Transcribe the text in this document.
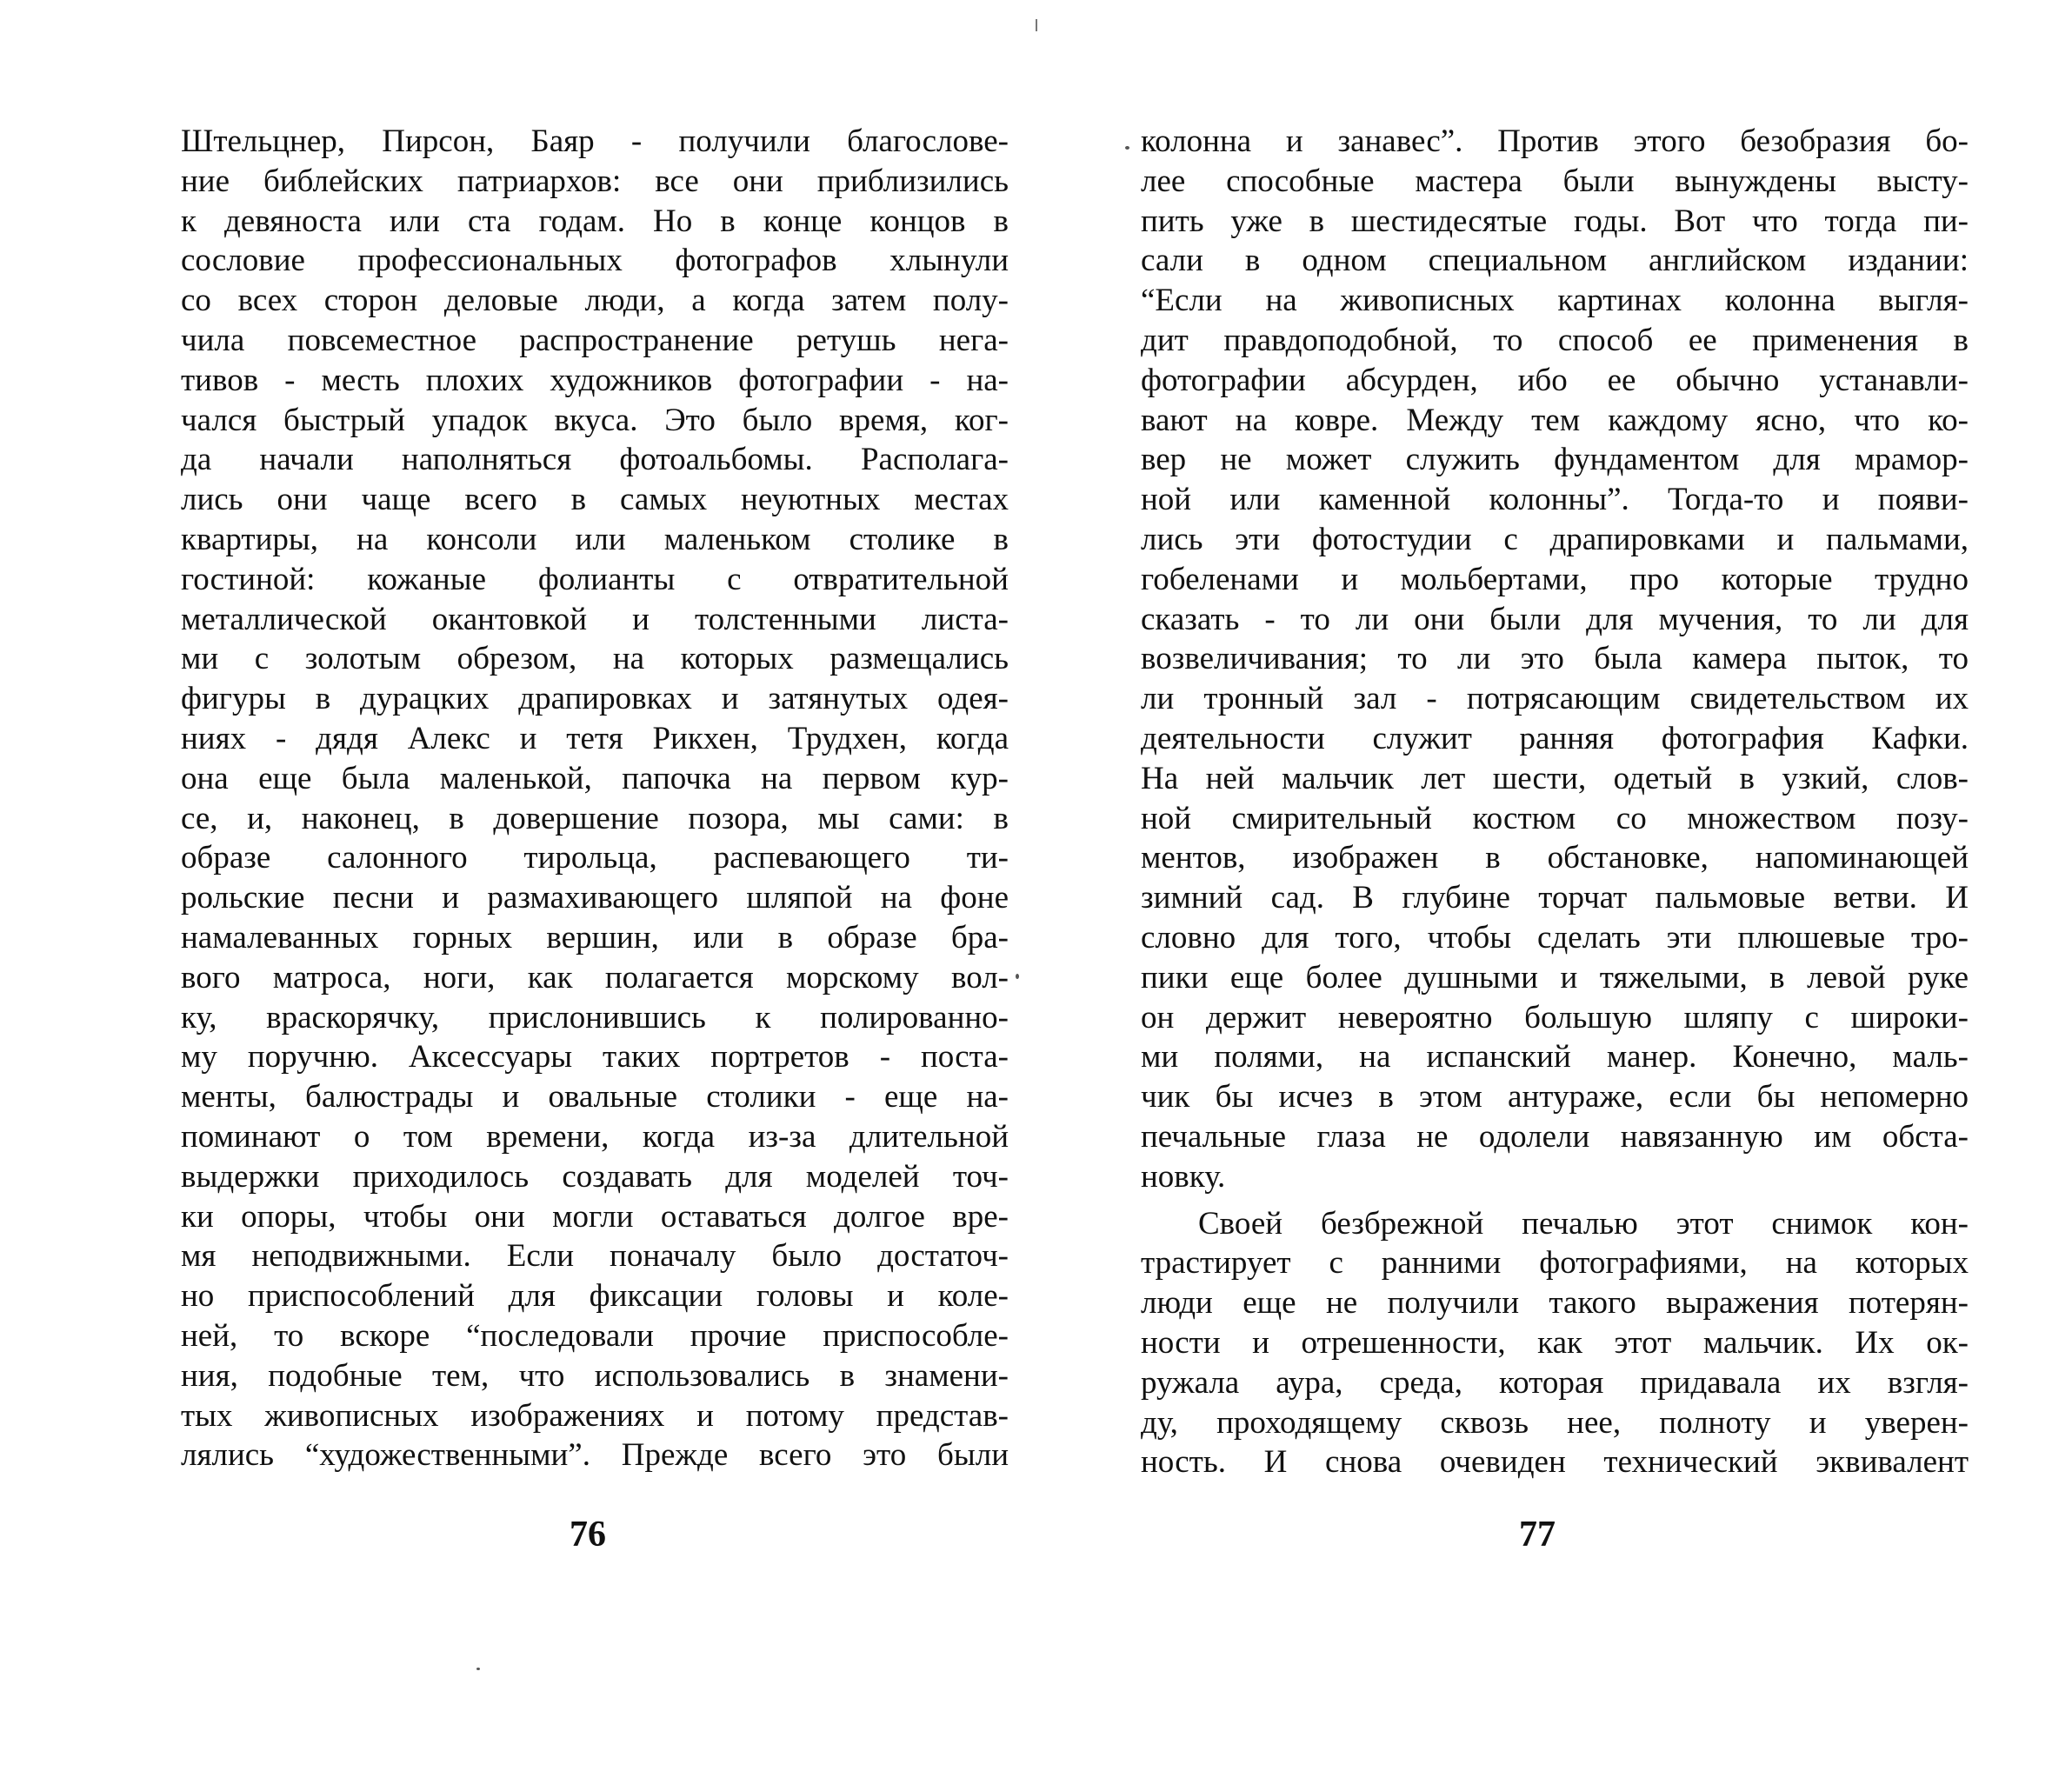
Штельцнер, Пирсон, Баяр - получили благослове-
ние библейских патриархов: все они приблизились
к девяноста или ста годам. Но в конце концов в
сословие профессиональных фотографов хлынули
со всех сторон деловые люди, а когда затем полу-
чила повсеместное распространение ретушь нега-
тивов - месть плохих художников фотографии - на-
чался быстрый упадок вкуса. Это было время, ког-
да начали наполняться фотоальбомы. Располага-
лись они чаще всего в самых неуютных местах
квартиры, на консоли или маленьком столике в
гостиной: кожаные фолианты с отвратительной
металлической окантовкой и толстенными листа-
ми с золотым обрезом, на которых размещались
фигуры в дурацких драпировках и затянутых одея-
ниях - дядя Алекс и тетя Рикхен, Трудхен, когда
она еще была маленькой, папочка на первом кур-
се, и, наконец, в довершение позора, мы сами: в
образе салонного тирольца, распевающего ти-
рольские песни и размахивающего шляпой на фоне
намалеванных горных вершин, или в образе бра-
вого матроса, ноги, как полагается морскому вол-
ку, враскорячку, прислонившись к полированно-
му поручню. Аксессуары таких портретов - поста-
менты, балюстрады и овальные столики - еще на-
поминают о том времени, когда из-за длительной
выдержки приходилось создавать для моделей точ-
ки опоры, чтобы они могли оставаться долгое вре-
мя неподвижными. Если поначалу было достаточ-
но приспособлений для фиксации головы и коле-
ней, то вскоре “последовали прочие приспособле-
ния, подобные тем, что использовались в знамени-
тых живописных изображениях и потому представ-
лялись “художественными”. Прежде всего это были
76
колонна и занавес”. Против этого безобразия бо-
лее способные мастера были вынуждены высту-
пить уже в шестидесятые годы. Вот что тогда пи-
сали в одном специальном английском издании:
“Если на живописных картинах колонна выгля-
дит правдоподобной, то способ ее применения в
фотографии абсурден, ибо ее обычно устанавли-
вают на ковре. Между тем каждому ясно, что ко-
вер не может служить фундаментом для мрамор-
ной или каменной колонны”. Тогда-то и появи-
лись эти фотостудии с драпировками и пальмами,
гобеленами и мольбертами, про которые трудно
сказать - то ли они были для мучения, то ли для
возвеличивания; то ли это была камера пыток, то
ли тронный зал - потрясающим свидетельством их
деятельности служит ранняя фотография Кафки.
На ней мальчик лет шести, одетый в узкий, слов-
ной смирительный костюм со множеством позу-
ментов, изображен в обстановке, напоминающей
зимний сад. В глубине торчат пальмовые ветви. И
словно для того, чтобы сделать эти плюшевые тро-
пики еще более душными и тяжелыми, в левой руке
он держит невероятно большую шляпу с широки-
ми полями, на испанский манер. Конечно, маль-
чик бы исчез в этом антураже, если бы непомерно
печальные глаза не одолели навязанную им обста-
новку.
Своей безбрежной печалью этот снимок кон-
трастирует с ранними фотографиями, на которых
люди еще не получили такого выражения потерян-
ности и отрешенности, как этот мальчик. Их ок-
ружала аура, среда, которая придавала их взгля-
ду, проходящему сквозь нее, полноту и уверен-
ность. И снова очевиден технический эквивалент
77
